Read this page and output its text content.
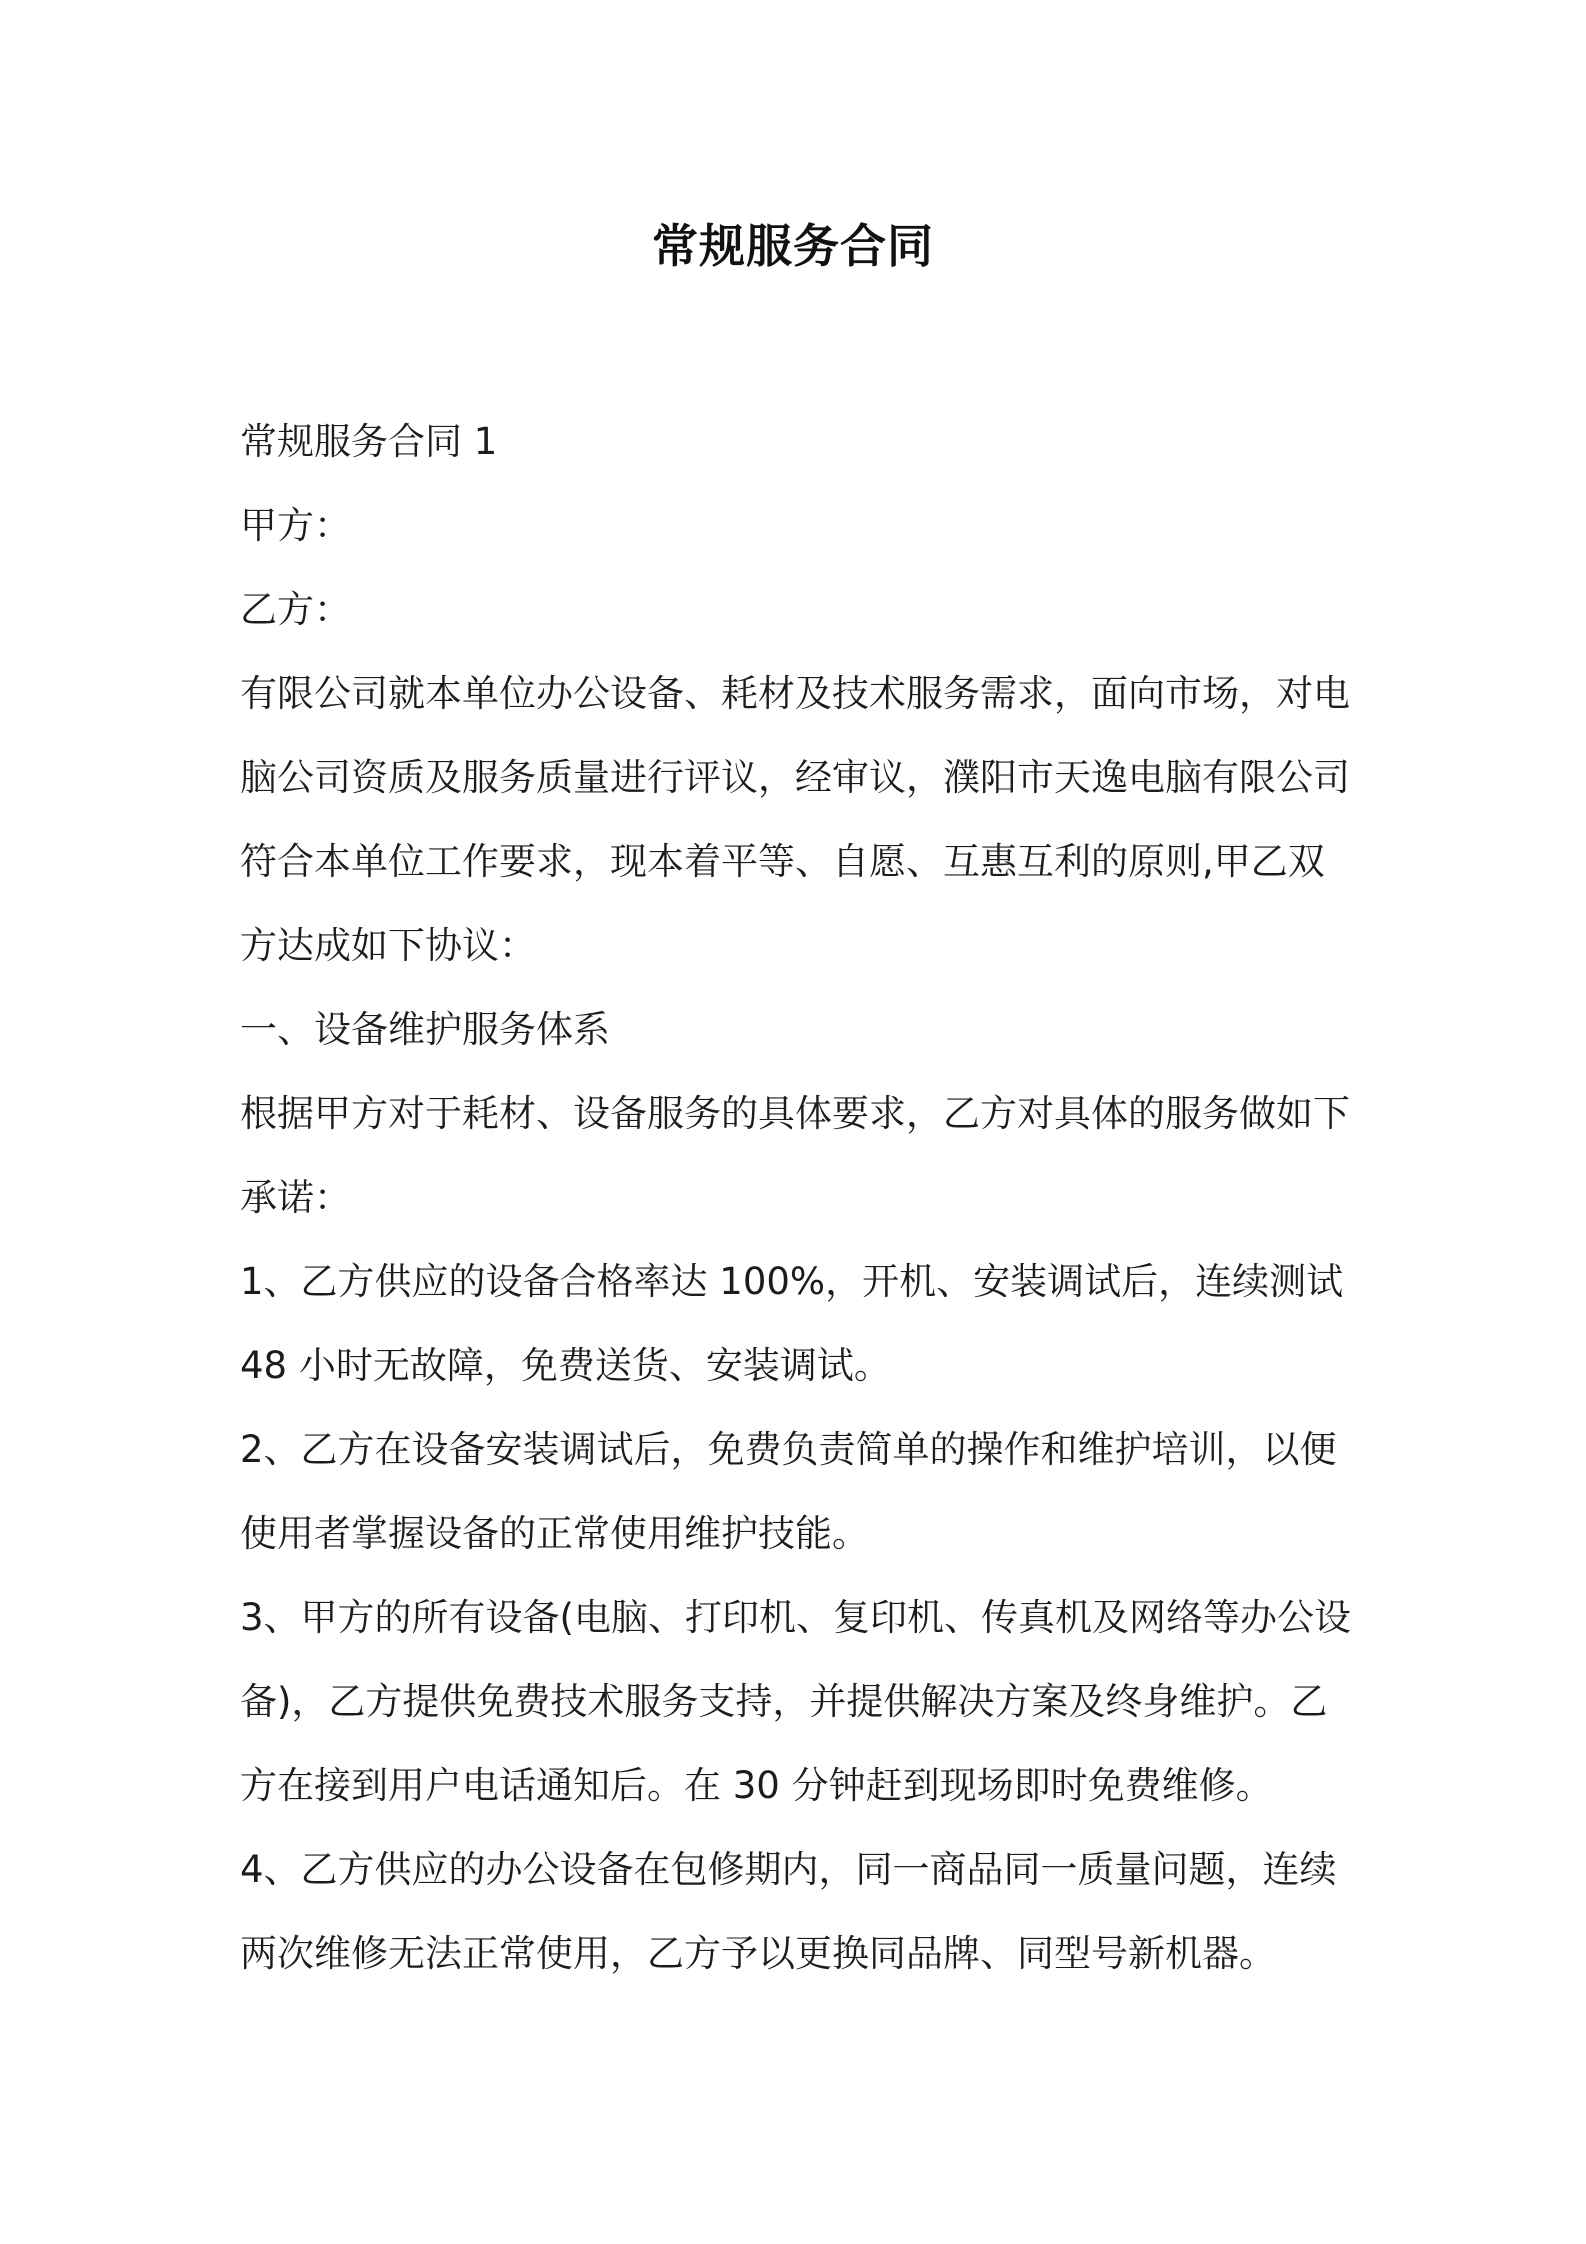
常规服务合同
常规服务合同 1
甲方：
乙方：
有限公司就本单位办公设备、耗材及技术服务需求，面向市场，对电
脑公司资质及服务质量进行评议，经审议，濮阳市天逸电脑有限公司
符合本单位工作要求，现本着平等、自愿、互惠互利的原则,甲乙双
方达成如下协议：
一、设备维护服务体系
根据甲方对于耗材、设备服务的具体要求，乙方对具体的服务做如下
承诺：
1、乙方供应的设备合格率达 100%，开机、安装调试后，连续测试
48 小时无故障，免费送货、安装调试。
2、乙方在设备安装调试后，免费负责简单的操作和维护培训，以便
使用者掌握设备的正常使用维护技能。
3、甲方的所有设备(电脑、打印机、复印机、传真机及网络等办公设
备)，乙方提供免费技术服务支持，并提供解决方案及终身维护。乙
方在接到用户电话通知后。在 30 分钟赶到现场即时免费维修。
4、乙方供应的办公设备在包修期内，同一商品同一质量问题，连续
两次维修无法正常使用，乙方予以更换同品牌、同型号新机器。
